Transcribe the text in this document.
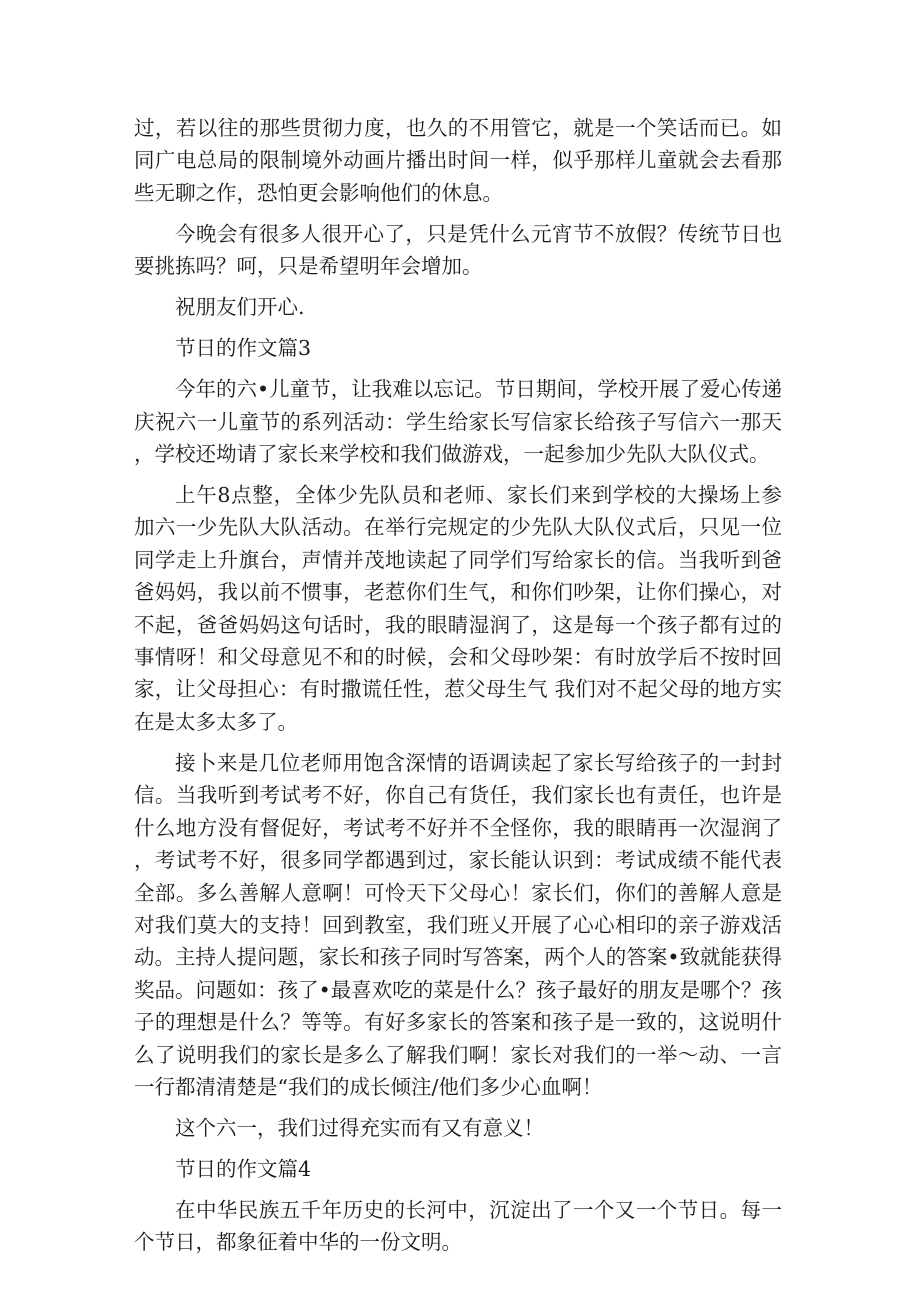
过，若以往的那些贯彻力度，也久的不用管它，就是一个笑话而已。如同广电总局的限制境外动画片播出时间一样，似乎那样儿童就会去看那些无聊之作，恐怕更会影响他们的休息。

今晚会有很多人很开心了，只是凭什么元宵节不放假？传统节日也要挑拣吗？呵，只是希望明年会增加。

祝朋友们开心.

节日的作文篇3

今年的六•儿童节，让我难以忘记。节日期间，学校开展了爱心传递庆祝六一儿童节的系列活动：学生给家长写信家长给孩子写信六一那天，学校还坳请了家长来学校和我们做游戏，一起参加少先队大队仪式。

上午8点整，全体少先队员和老师、家长们来到学校的大操场上参加六一少先队大队活动。在举行完规定的少先队大队仪式后，只见一位同学走上升旗台，声情并茂地读起了同学们写给家长的信。当我听到爸爸妈妈，我以前不惯事，老惹你们生气，和你们吵架，让你们操心，对不起，爸爸妈妈这句话时，我的眼睛湿润了，这是每一个孩子都有过的事情呀！和父母意见不和的时候，会和父母吵架：有时放学后不按时回家，让父母担心：有时撒谎任性，惹父母生气 我们对不起父母的地方实在是太多太多了。

接卜来是几位老师用饱含深情的语调读起了家长写给孩子的一封封信。当我听到考试考不好，你自己有货任，我们家长也有责任，也许是什么地方没有督促好，考试考不好并不全怪你，我的眼睛再一次湿润了，考试考不好，很多同学都遇到过，家长能认识到：考试成绩不能代表全部。多么善解人意啊！可怜天下父母心！家长们，你们的善解人意是对我们莫大的支持！回到教室，我们班乂开展了心心相印的亲子游戏活动。主持人提问题，家长和孩子同时写答案，两个人的答案•致就能获得奖品。问题如：孩了•最喜欢吃的菜是什么？孩子最好的朋友是哪个？孩子的理想是什么？等等。有好多家长的答案和孩子是一致的，这说明什么了说明我们的家长是多么了解我们啊！家长对我们的一举〜动、一言一行都清清楚是“我们的成长倾注/他们多少心血啊！

这个六一，我们过得充实而有又有意义！

节日的作文篇4

在中华民族五千年历史的长河中，沉淀出了一个又一个节日。每一个节日，都象征着中华的一份文明。
